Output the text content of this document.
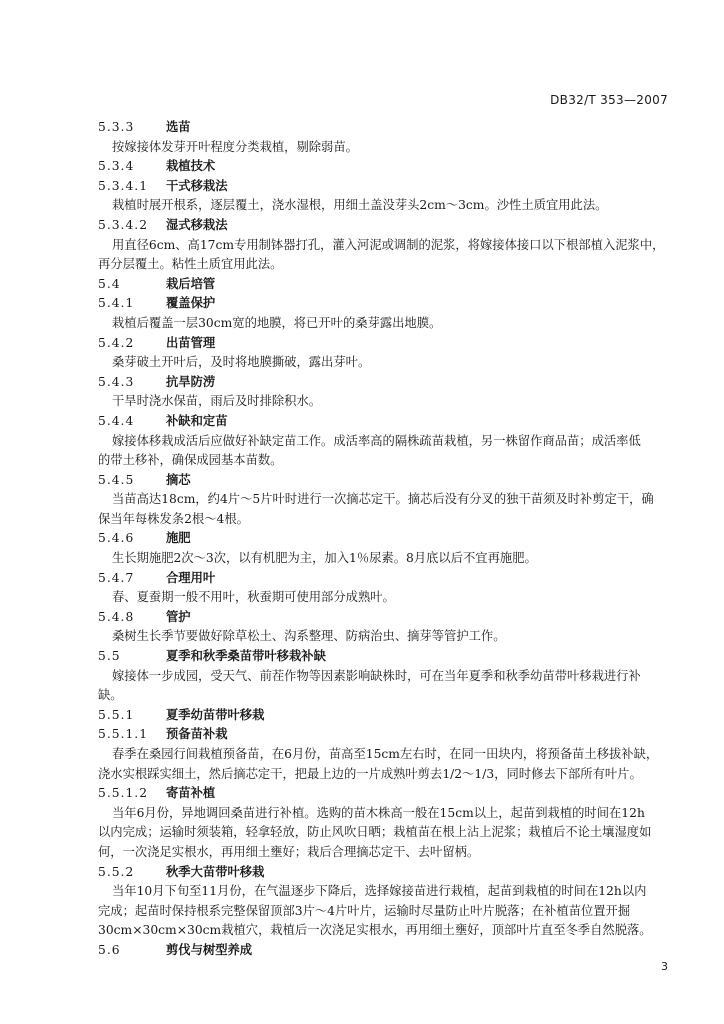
DB32/T 353—2007
5.3.3	选苗
按嫁接体发芽开叶程度分类栽植，剔除弱苗。
5.3.4	栽植技术
5.3.4.1 干式移栽法
栽植时展开根系，逐层覆土，浇水湿根，用细土盖没芽头2cm～3cm。沙性土质宜用此法。
5.3.4.2 湿式移栽法
用直径6cm、高17cm专用制钵器打孔，灌入河泥或调制的泥浆，将嫁接体接口以下根部植入泥浆中，
再分层覆土。粘性土质宜用此法。
5.4	栽后培管
5.4.1	覆盖保护
栽植后覆盖一层30cm宽的地膜，将已开叶的桑芽露出地膜。
5.4.2	出苗管理
桑芽破土开叶后，及时将地膜撕破，露出芽叶。
5.4.3	抗旱防涝
干旱时浇水保苗，雨后及时排除积水。
5.4.4	补缺和定苗
嫁接体移栽成活后应做好补缺定苗工作。成活率高的隔株疏苗栽植，另一株留作商品苗；成活率低
的带土移补，确保成园基本苗数。
5.4.5	摘芯
当苗高达18cm，约4片～5片叶时进行一次摘芯定干。摘芯后没有分叉的独干苗须及时补剪定干，确
保当年每株发条2根～4根。
5.4.6	施肥
生长期施肥2次～3次，以有机肥为主，加入1％尿素。8月底以后不宜再施肥。
5.4.7	合理用叶
春、夏蚕期一般不用叶，秋蚕期可使用部分成熟叶。
5.4.8	管护
桑树生长季节要做好除草松土、沟系整理、防病治虫、摘芽等管护工作。
5.5	夏季和秋季桑苗带叶移栽补缺
嫁接体一步成园，受天气、前茬作物等因素影响缺株时，可在当年夏季和秋季幼苗带叶移栽进行补
缺。
5.5.1	夏季幼苗带叶移栽
5.5.1.1 预备苗补栽
春季在桑园行间栽植预备苗，在6月份，苗高至15cm左右时，在同一田块内，将预备苗土移拔补缺，
浇水实根踩实细土，然后摘芯定干，把最上边的一片成熟叶剪去1/2～1/3，同时修去下部所有叶片。
5.5.1.2 寄苗补植
当年6月份，异地调回桑苗进行补植。选购的苗木株高一般在15cm以上，起苗到栽植的时间在12h
以内完成；运输时须装箱，轻拿轻放，防止风吹日晒；栽植苗在根上沾上泥浆；栽植后不论土壤湿度如
何，一次浇足实根水，再用细土壅好；栽后合理摘芯定干、去叶留柄。
5.5.2	秋季大苗带叶移栽
当年10月下旬至11月份，在气温逐步下降后，选择嫁接苗进行栽植，起苗到栽植的时间在12h以内
完成；起苗时保持根系完整保留顶部3片～4片叶片，运输时尽量防止叶片脱落；在补植苗位置开掘
30cm×30cm×30cm栽植穴，栽植后一次浇足实根水，再用细土壅好，顶部叶片直至冬季自然脱落。
5.6	剪伐与树型养成
3
